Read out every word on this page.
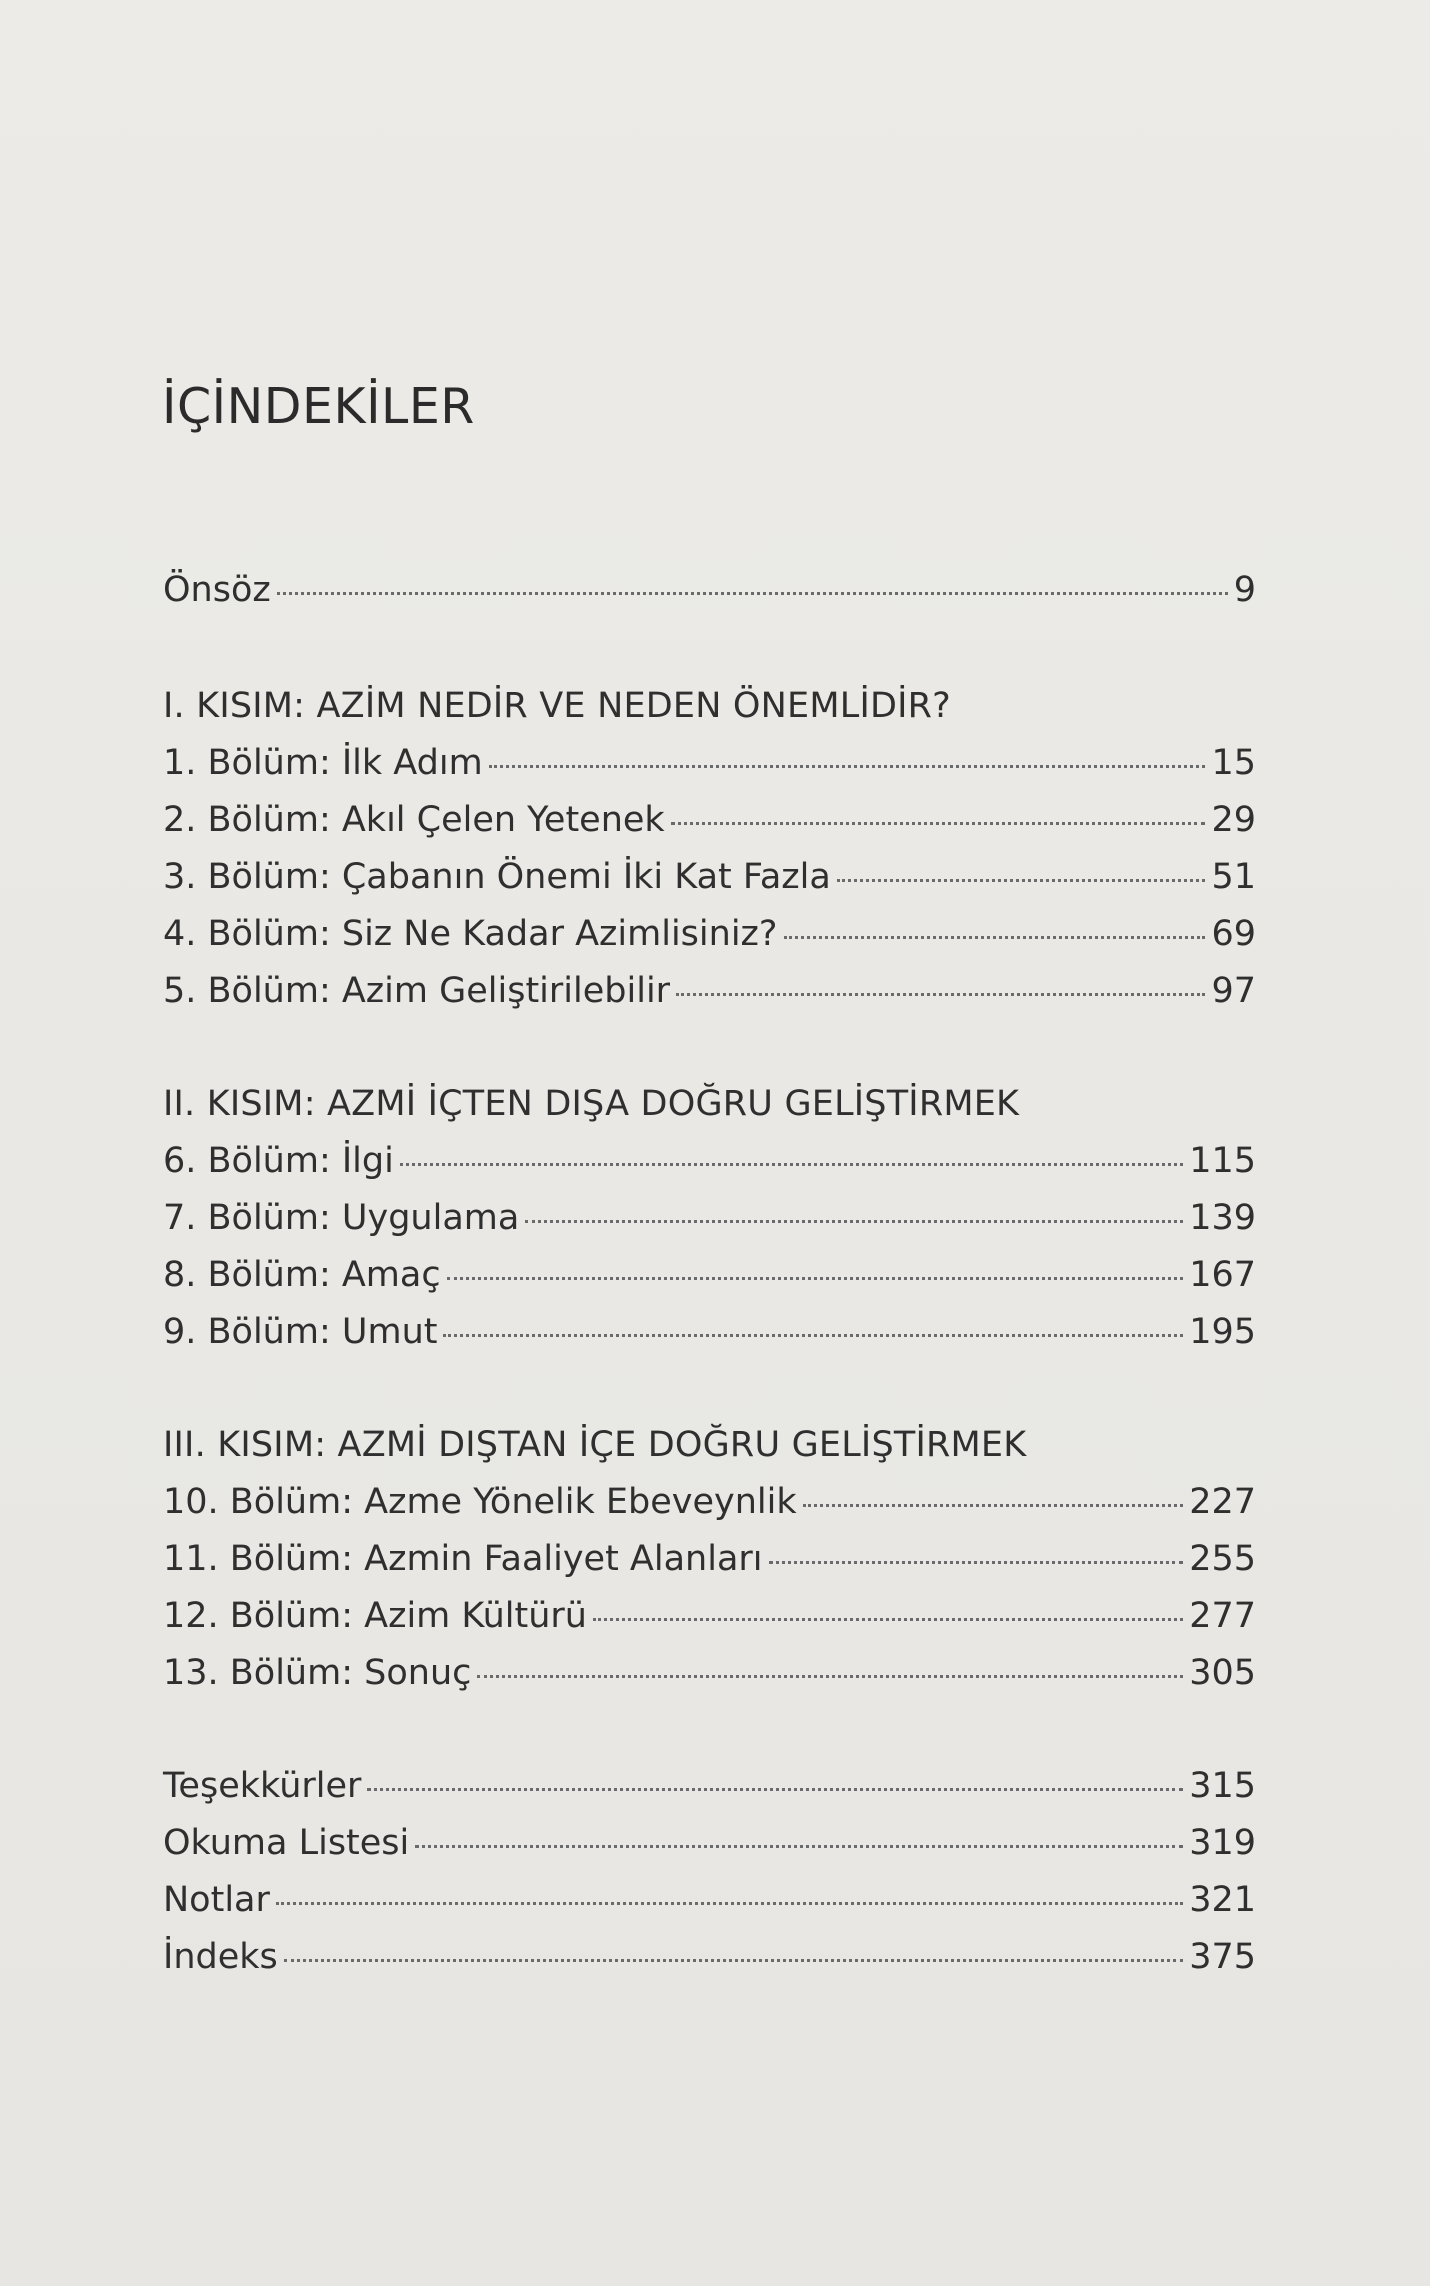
İÇİNDEKİLER
Önsöz	9
I. KISIM: AZİM NEDİR VE NEDEN ÖNEMLİDİR?
1. Bölüm: İlk Adım	15
2. Bölüm: Akıl Çelen Yetenek	29
3. Bölüm: Çabanın Önemi İki Kat Fazla	51
4. Bölüm: Siz Ne Kadar Azimlisiniz?	69
5. Bölüm: Azim Geliştirilebilir	97
II. KISIM: AZMİ İÇTEN DIŞA DOĞRU GELİŞTİRMEK
6. Bölüm: İlgi	115
7. Bölüm: Uygulama	139
8. Bölüm: Amaç	167
9. Bölüm: Umut	195
III. KISIM: AZMİ DIŞTAN İÇE DOĞRU GELİŞTİRMEK
10. Bölüm: Azme Yönelik Ebeveynlik	227
11. Bölüm: Azmin Faaliyet Alanları	255
12. Bölüm: Azim Kültürü	277
13. Bölüm: Sonuç	305
Teşekkürler	315
Okuma Listesi	319
Notlar	321
İndeks	375
